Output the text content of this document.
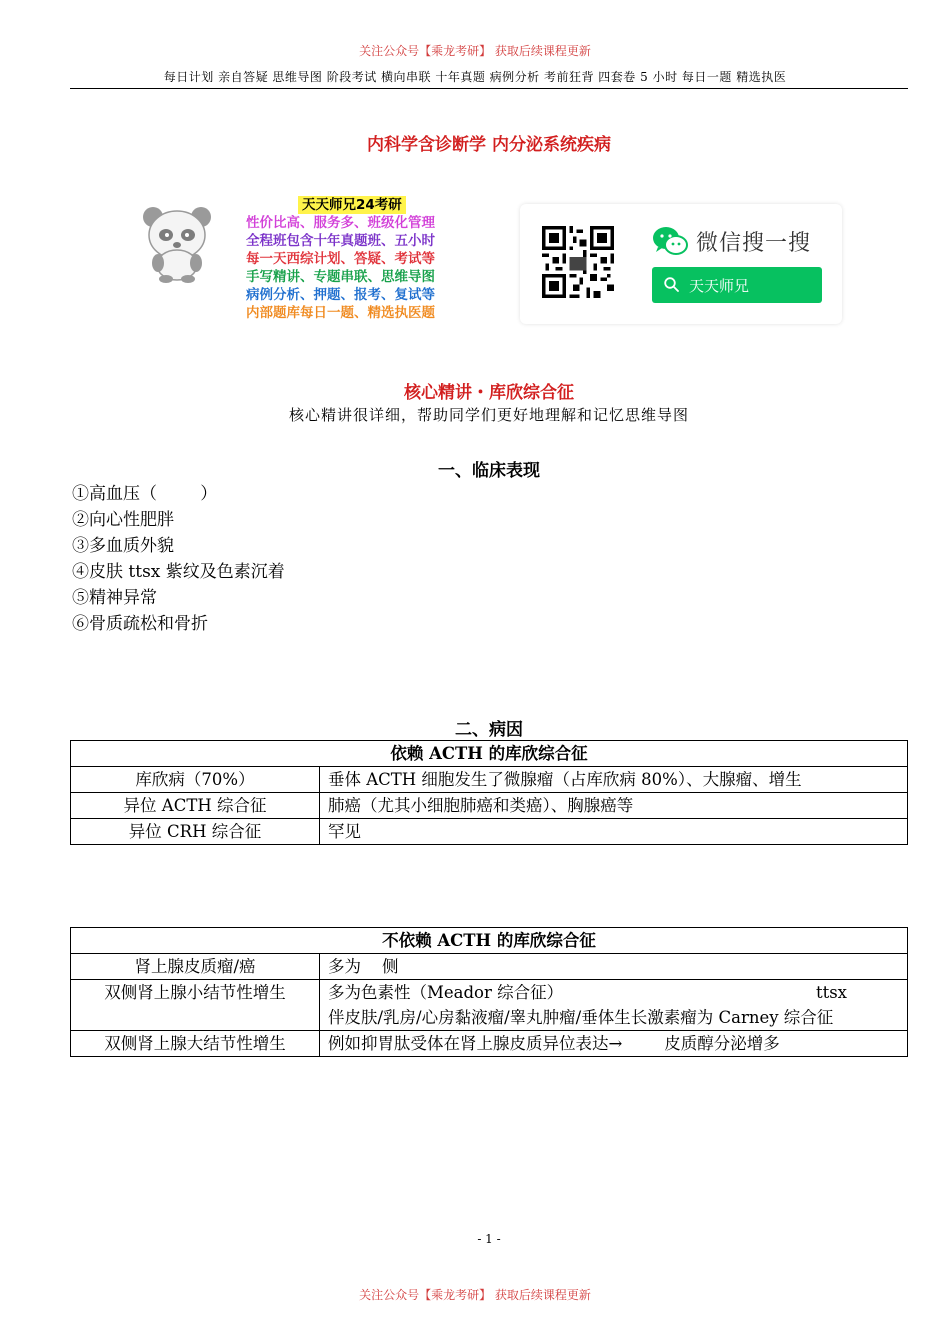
关注公众号【乘龙考研】 获取后续课程更新
每日计划 亲自答疑 思维导图 阶段考试 横向串联 十年真题 病例分析 考前狂背 四套卷 5 小时 每日一题 精选执医
内科学含诊断学 内分泌系统疾病
天天师兄24考研
性价比高、服务多、班级化管理
全程班包含十年真题班、五小时
每一天西综计划、答疑、考试等
手写精讲、专题串联、思维导图
病例分析、押题、报考、复试等
内部题库每日一题、精选执医题
微信搜一搜
天天师兄
核心精讲・库欣综合征
核心精讲很详细，帮助同学们更好地理解和记忆思维导图
一、临床表现
①高血压（        ）
②向心性肥胖
③多血质外貌
④皮肤 ttsx 紫纹及色素沉着
⑤精神异常
⑥骨质疏松和骨折
二、病因
依赖 ACTH 的库欣综合征	
库欣病（70%）	垂体 ACTH 细胞发生了微腺瘤（占库欣病 80%）、大腺瘤、增生
异位 ACTH 综合征	肺癌（尤其小细胞肺癌和类癌）、胸腺癌等
异位 CRH 综合征	罕见
不依赖 ACTH 的库欣综合征	
肾上腺皮质瘤/癌	多为    侧
双侧肾上腺小结节性增生	多为色素性（Meador 综合征） ttsx
伴皮肤/乳房/心房黏液瘤/睾丸肿瘤/垂体生长激素瘤为 Carney 综合征

双侧肾上腺大结节性增生	例如抑胃肽受体在肾上腺皮质异位表达→        皮质醇分泌增多
- 1 -
关注公众号【乘龙考研】 获取后续课程更新
